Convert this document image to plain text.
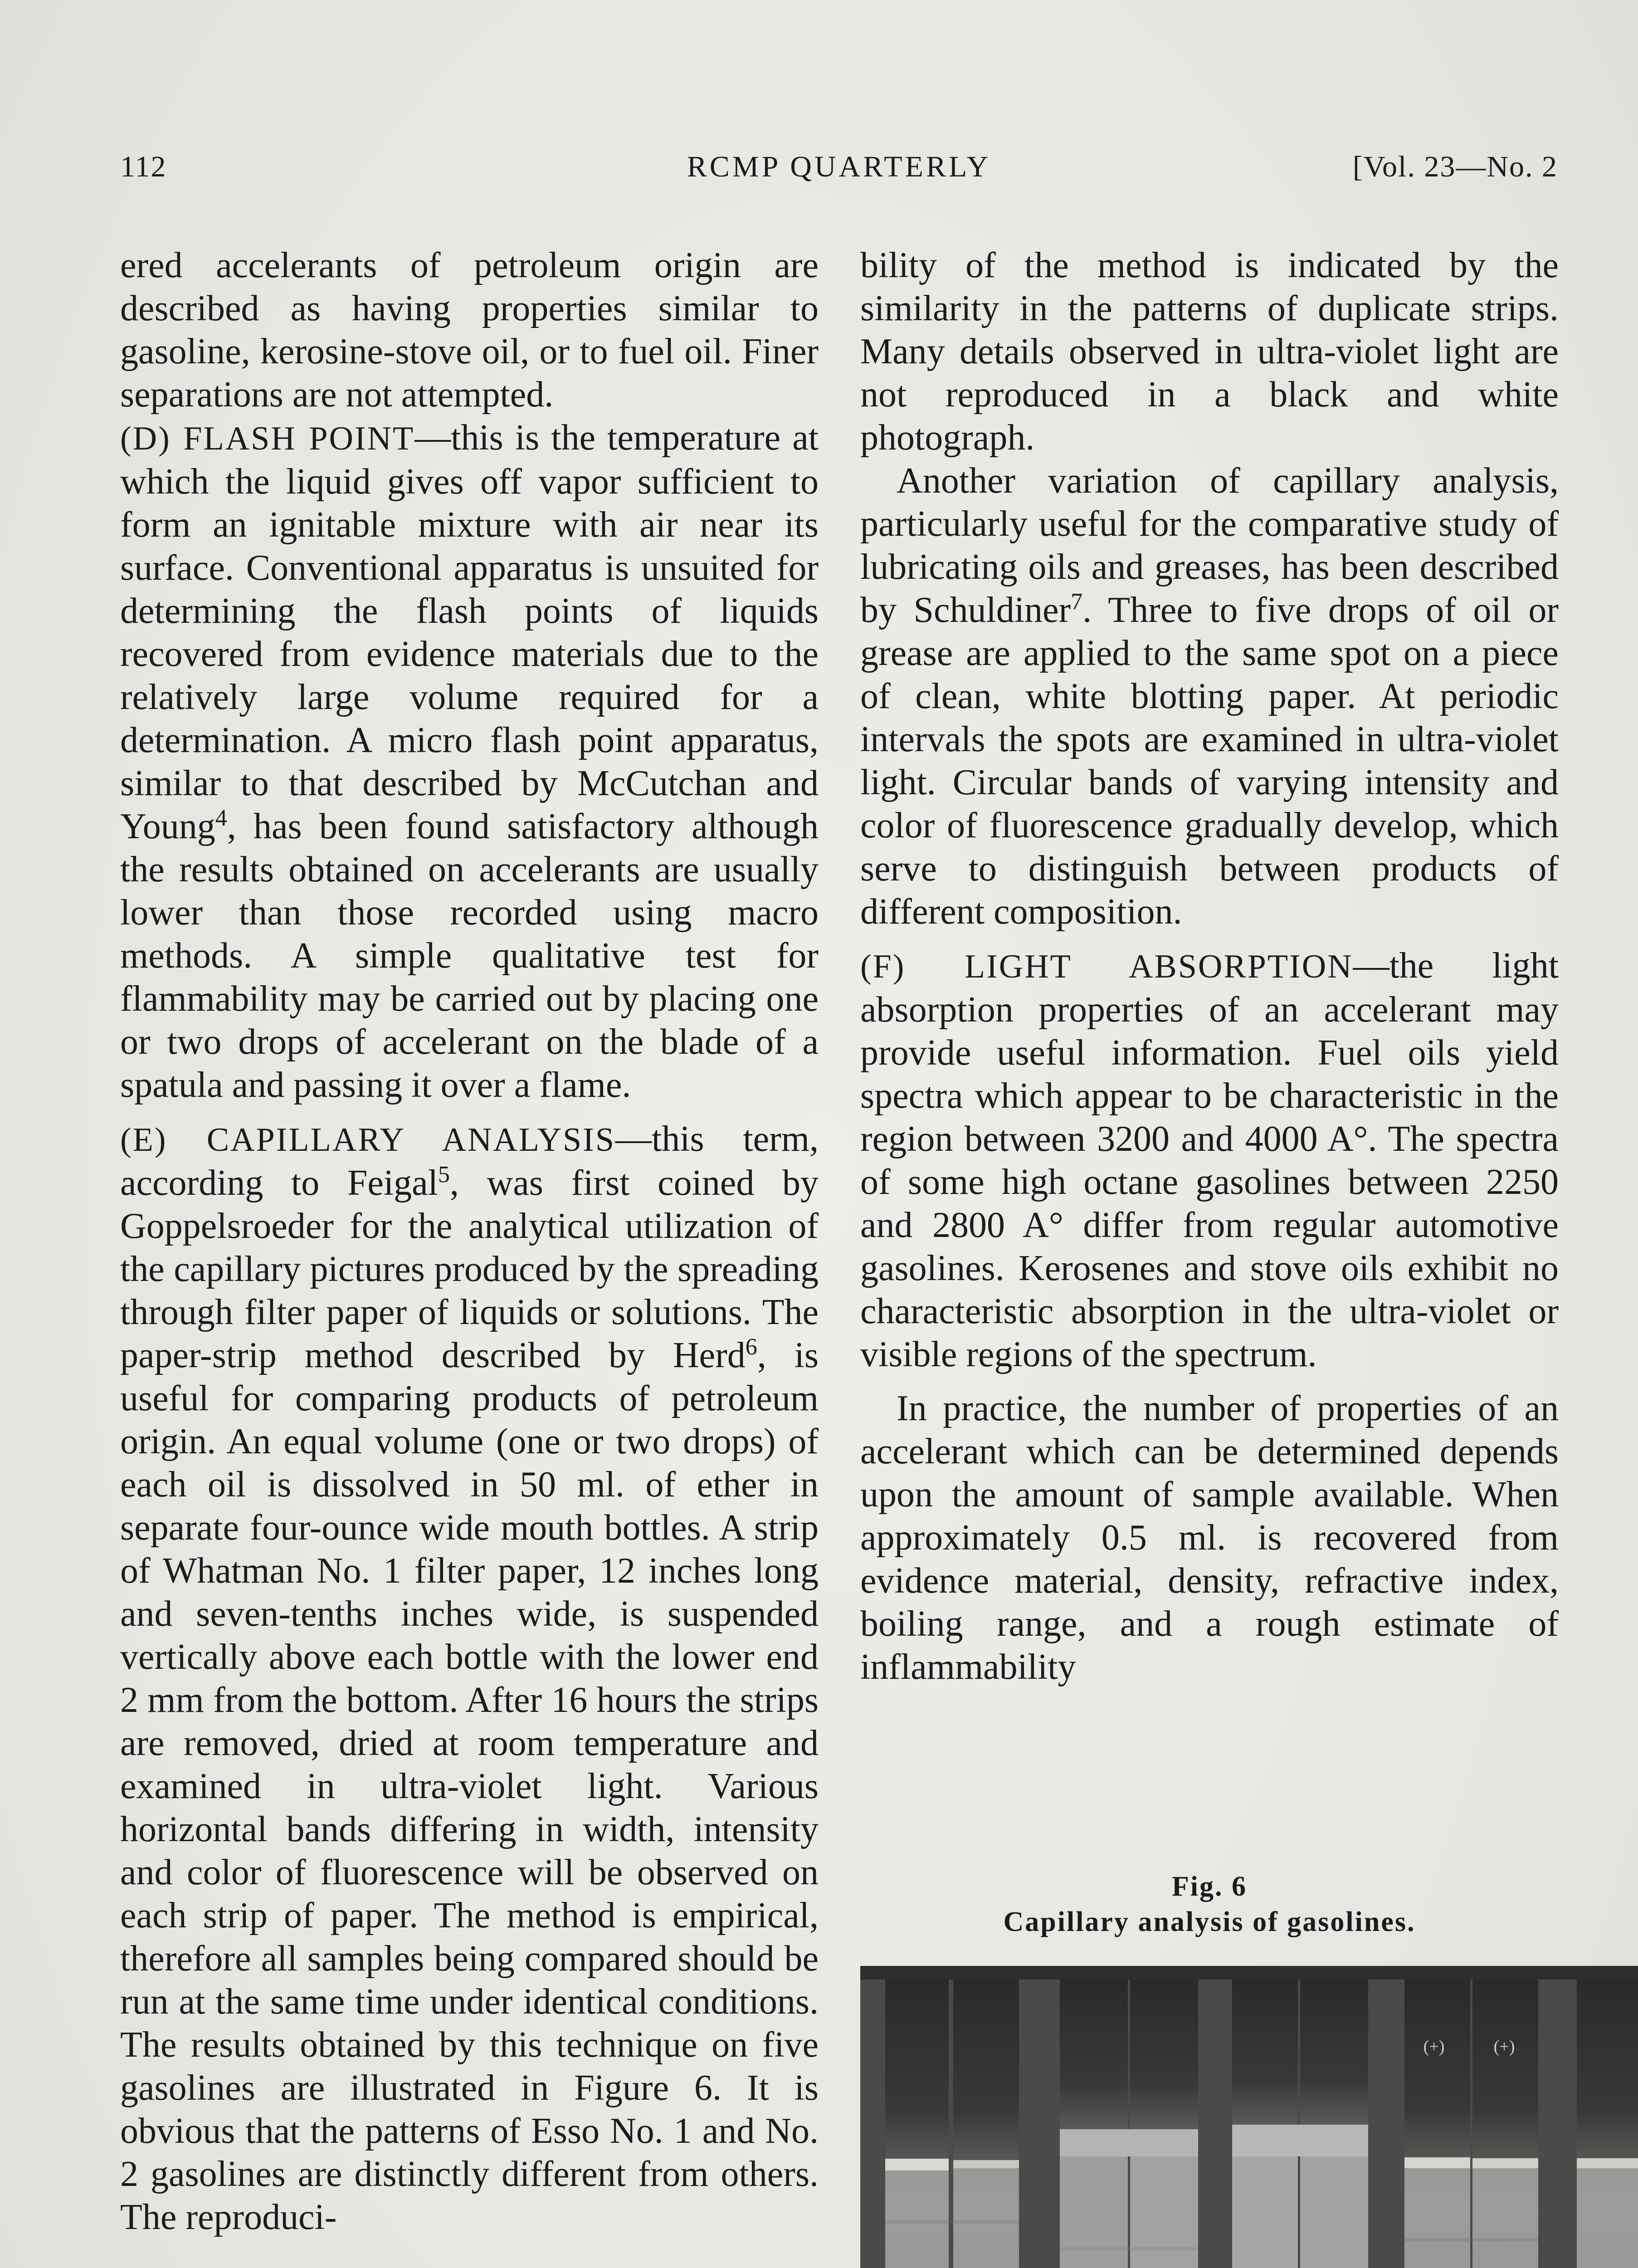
112	RCMP QUARTERLY	[Vol. 23—No. 2

ered accelerants of petroleum origin are described as having properties similar to gasoline, kerosine-stove oil, or to fuel oil. Finer separations are not attempted.

(D) FLASH POINT—this is the temperature at which the liquid gives off vapor sufficient to form an ignitable mixture with air near its surface. Conventional apparatus is unsuited for determining the flash points of liquids recovered from evidence materials due to the relatively large volume required for a determination. A micro flash point apparatus, similar to that described by McCutchan and Young$^4$, has been found satisfactory although the results obtained on accelerants are usually lower than those recorded using macro methods. A simple qualitative test for flammability may be carried out by placing one or two drops of accelerant on the blade of a spatula and passing it over a flame.

(E) CAPILLARY ANALYSIS—this term, according to Feigal$^5$, was first coined by Goppelsroeder for the analytical utilization of the capillary pictures produced by the spreading through filter paper of liquids or solutions. The paper-strip method described by Herd$^6$, is useful for comparing products of petroleum origin. An equal volume (one or two drops) of each oil is dissolved in 50 ml. of ether in separate four-ounce wide mouth bottles. A strip of Whatman No. 1 filter paper, 12 inches long and seven-tenths inches wide, is suspended vertically above each bottle with the lower end 2 mm from the bottom. After 16 hours the strips are removed, dried at room temperature and examined in ultra-violet light. Various horizontal bands differing in width, intensity and color of fluorescence will be observed on each strip of paper. The method is empirical, therefore all samples being compared should be run at the same time under identical conditions. The results obtained by this technique on five gasolines are illustrated in Figure 6. It is obvious that the patterns of Esso No. 1 and No. 2 gasolines are distinctly different from others. The reproduci-

bility of the method is indicated by the similarity in the patterns of duplicate strips. Many details observed in ultra-violet light are not reproduced in a black and white photograph.

Another variation of capillary analysis, particularly useful for the comparative study of lubricating oils and greases, has been described by Schuldiner$^7$. Three to five drops of oil or grease are applied to the same spot on a piece of clean, white blotting paper. At periodic intervals the spots are examined in ultra-violet light. Circular bands of varying intensity and color of fluorescence gradually develop, which serve to distinguish between products of different composition.

(F) LIGHT ABSORPTION—the light absorption properties of an accelerant may provide useful information. Fuel oils yield spectra which appear to be characteristic in the region between 3200 and 4000 A°. The spectra of some high octane gasolines between 2250 and 2800 A° differ from regular automotive gasolines. Kerosenes and stove oils exhibit no characteristic absorption in the ultra-violet or visible regions of the spectrum.

In practice, the number of properties of an accelerant which can be determined depends upon the amount of sample available. When approximately 0.5 ml. is recovered from evidence material, density, refractive index, boiling range, and a rough estimate of inflammability

Fig. 6
Capillary analysis of gasolines.
(+)	(+)
